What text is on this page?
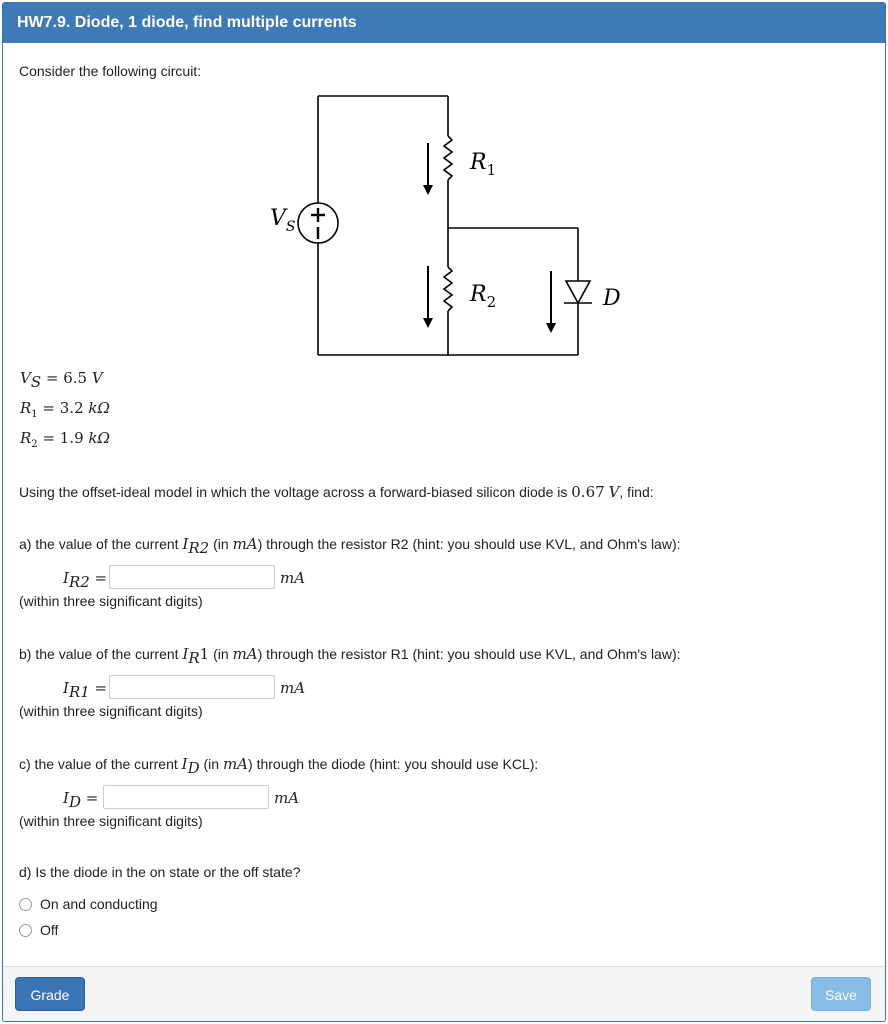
HW7.9. Diode, 1 diode, find multiple currents
Consider the following circuit:
$V_S$
$R_1$
$R_2$	D
$V_S = 6.5$ V
$R_1 = 3.2$ kΩ
$R_2 = 1.9$ kΩ
Using the offset-ideal model in which the voltage across a forward-biased silicon diode is 0.67 V, find:
a) the value of the current $I_{R2}$ (in mA) through the resistor R2 (hint: you should use KVL, and Ohm's law):
$I_{R2}$ =	mA
(within three significant digits)
b) the value of the current $I_R1$ (in mA) through the resistor R1 (hint: you should use KVL, and Ohm's law):
$I_{R1}$ =	mA
(within three significant digits)
c) the value of the current $I_D$ (in mA) through the diode (hint: you should use KCL):
$I_D$ =	mA
(within three significant digits)
d) Is the diode in the on state or the off state?
On and conducting
Off
Grade	Save
